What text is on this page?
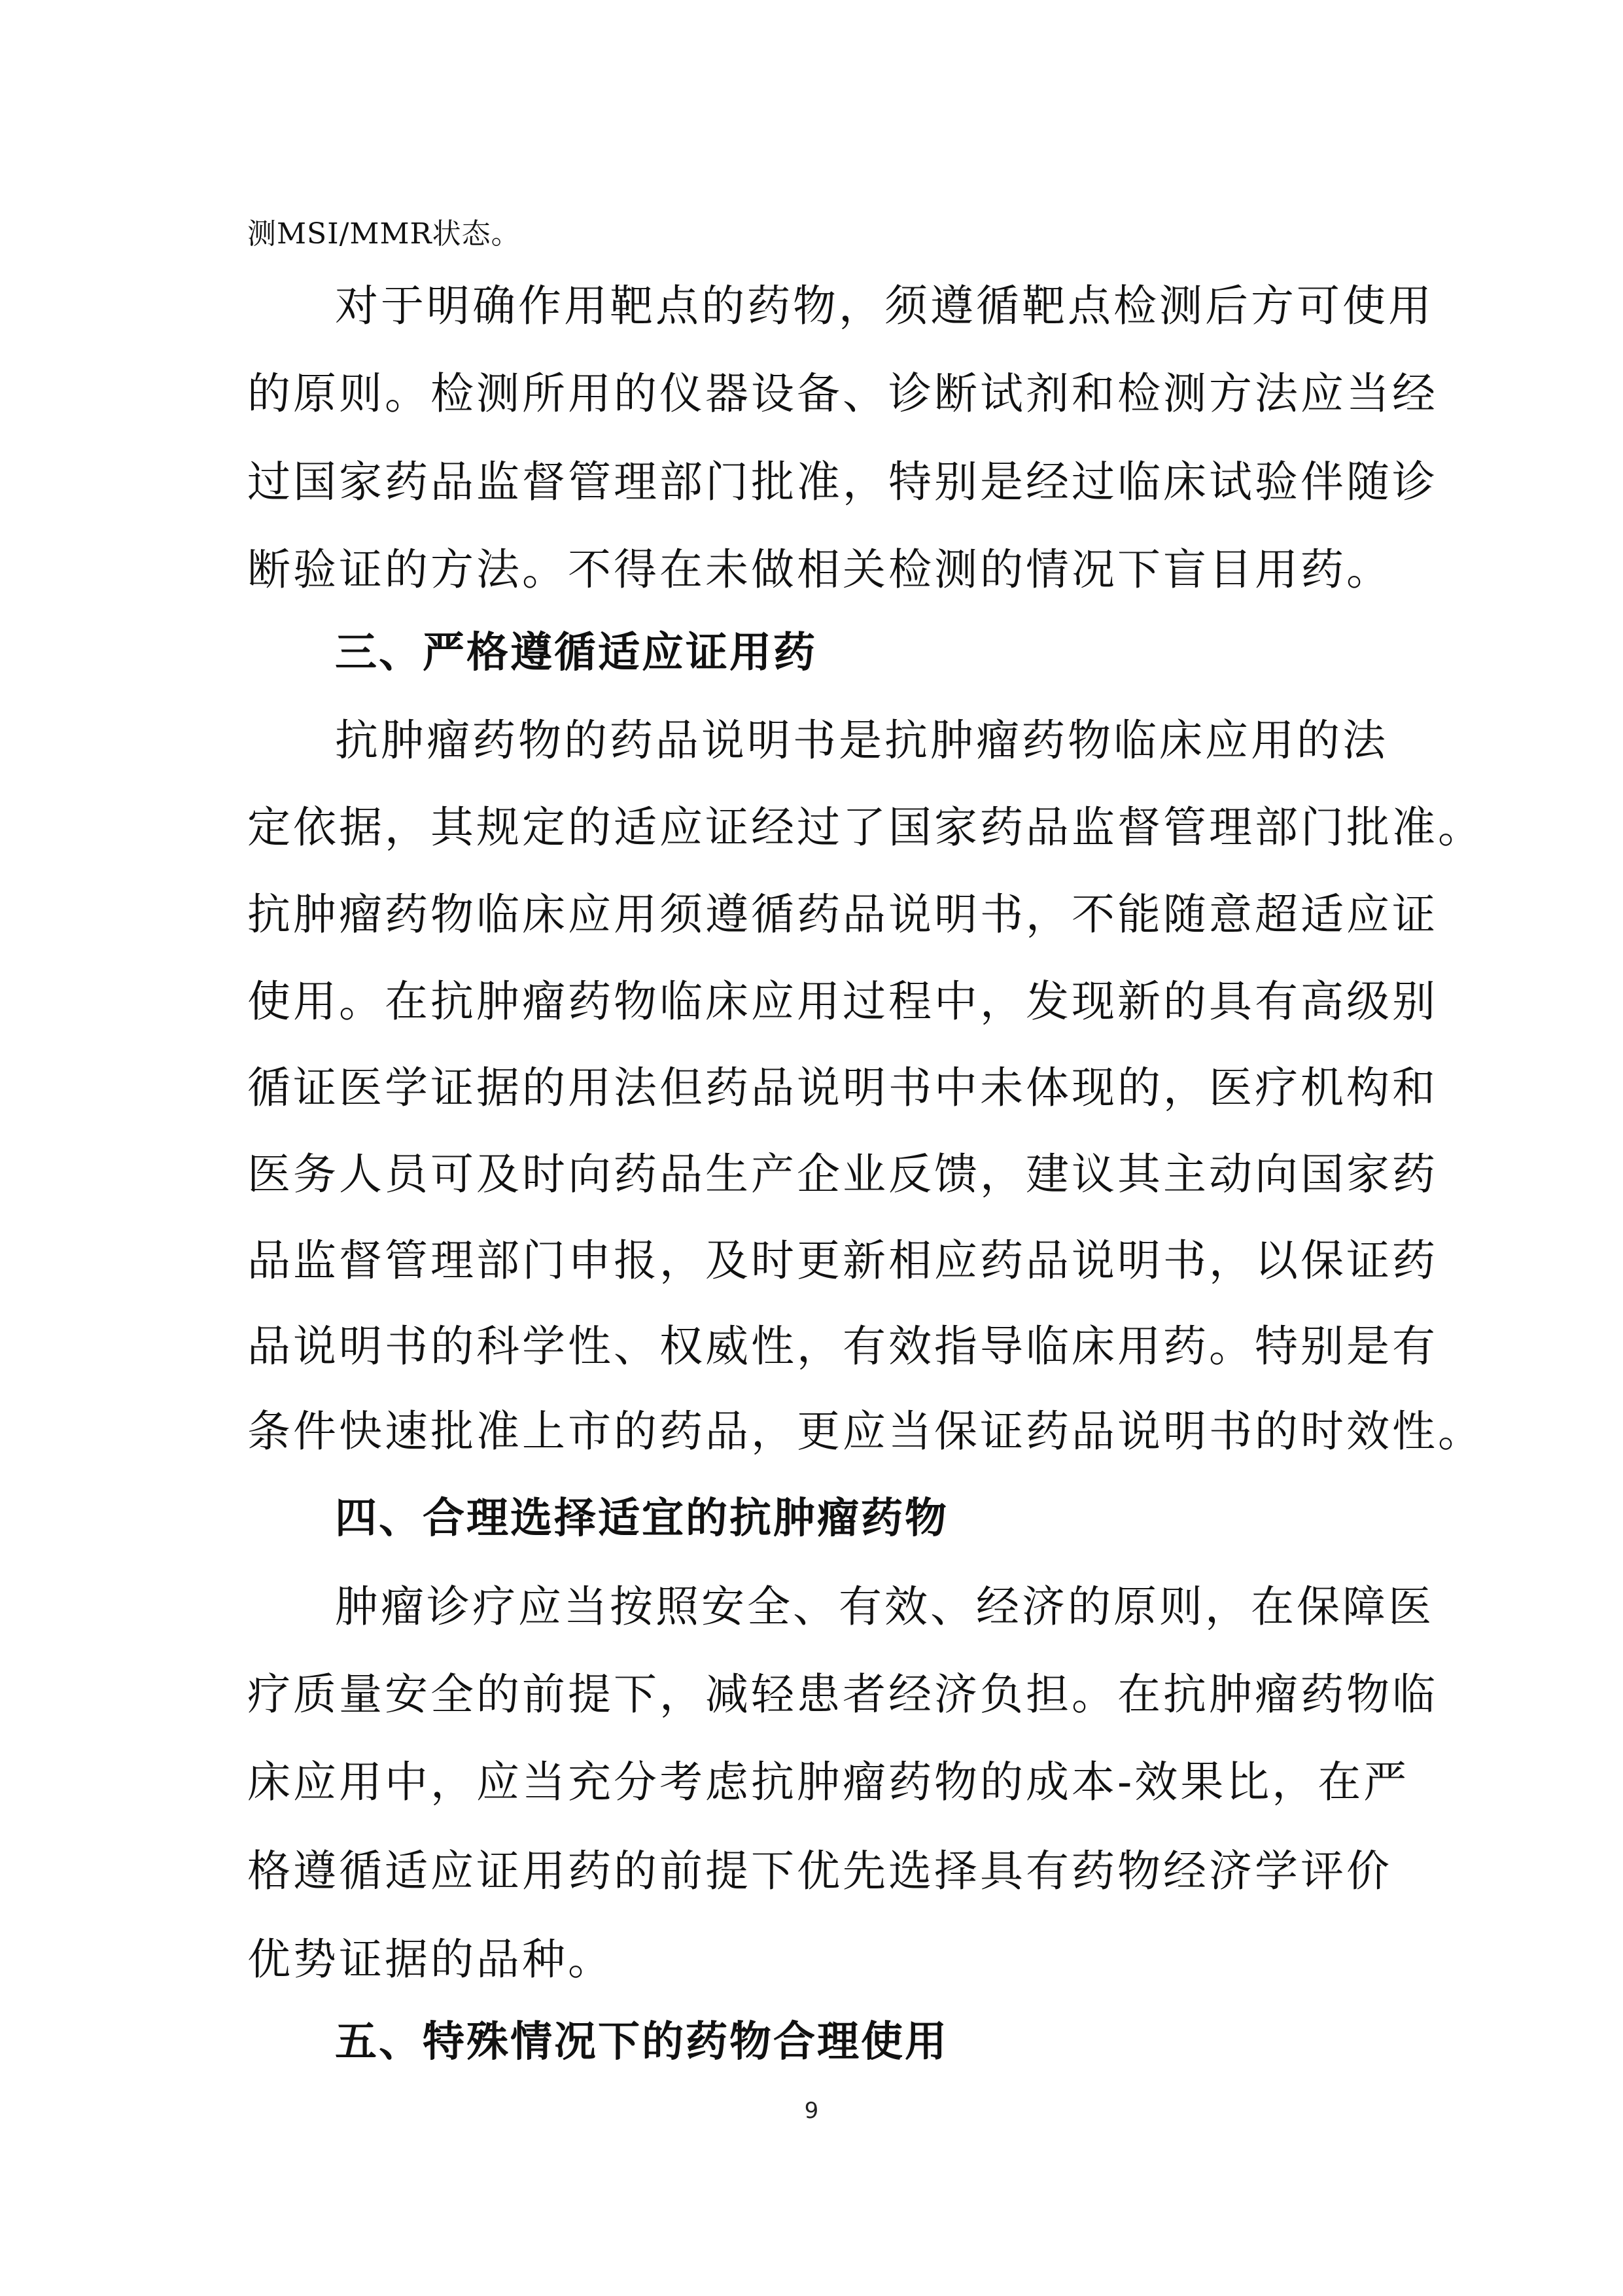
测MSI/MMR状态。
对于明确作用靶点的药物，须遵循靶点检测后方可使用
的原则。检测所用的仪器设备、诊断试剂和检测方法应当经
过国家药品监督管理部门批准，特别是经过临床试验伴随诊
断验证的方法。不得在未做相关检测的情况下盲目用药。
三、严格遵循适应证用药
抗肿瘤药物的药品说明书是抗肿瘤药物临床应用的法
定依据，其规定的适应证经过了国家药品监督管理部门批准。
抗肿瘤药物临床应用须遵循药品说明书，不能随意超适应证
使用。在抗肿瘤药物临床应用过程中，发现新的具有高级别
循证医学证据的用法但药品说明书中未体现的，医疗机构和
医务人员可及时向药品生产企业反馈，建议其主动向国家药
品监督管理部门申报，及时更新相应药品说明书，以保证药
品说明书的科学性、权威性，有效指导临床用药。特别是有
条件快速批准上市的药品，更应当保证药品说明书的时效性。
四、合理选择适宜的抗肿瘤药物
肿瘤诊疗应当按照安全、有效、经济的原则，在保障医
疗质量安全的前提下，减轻患者经济负担。在抗肿瘤药物临
床应用中，应当充分考虑抗肿瘤药物的成本-效果比，在严
格遵循适应证用药的前提下优先选择具有药物经济学评价
优势证据的品种。
五、特殊情况下的药物合理使用
9
